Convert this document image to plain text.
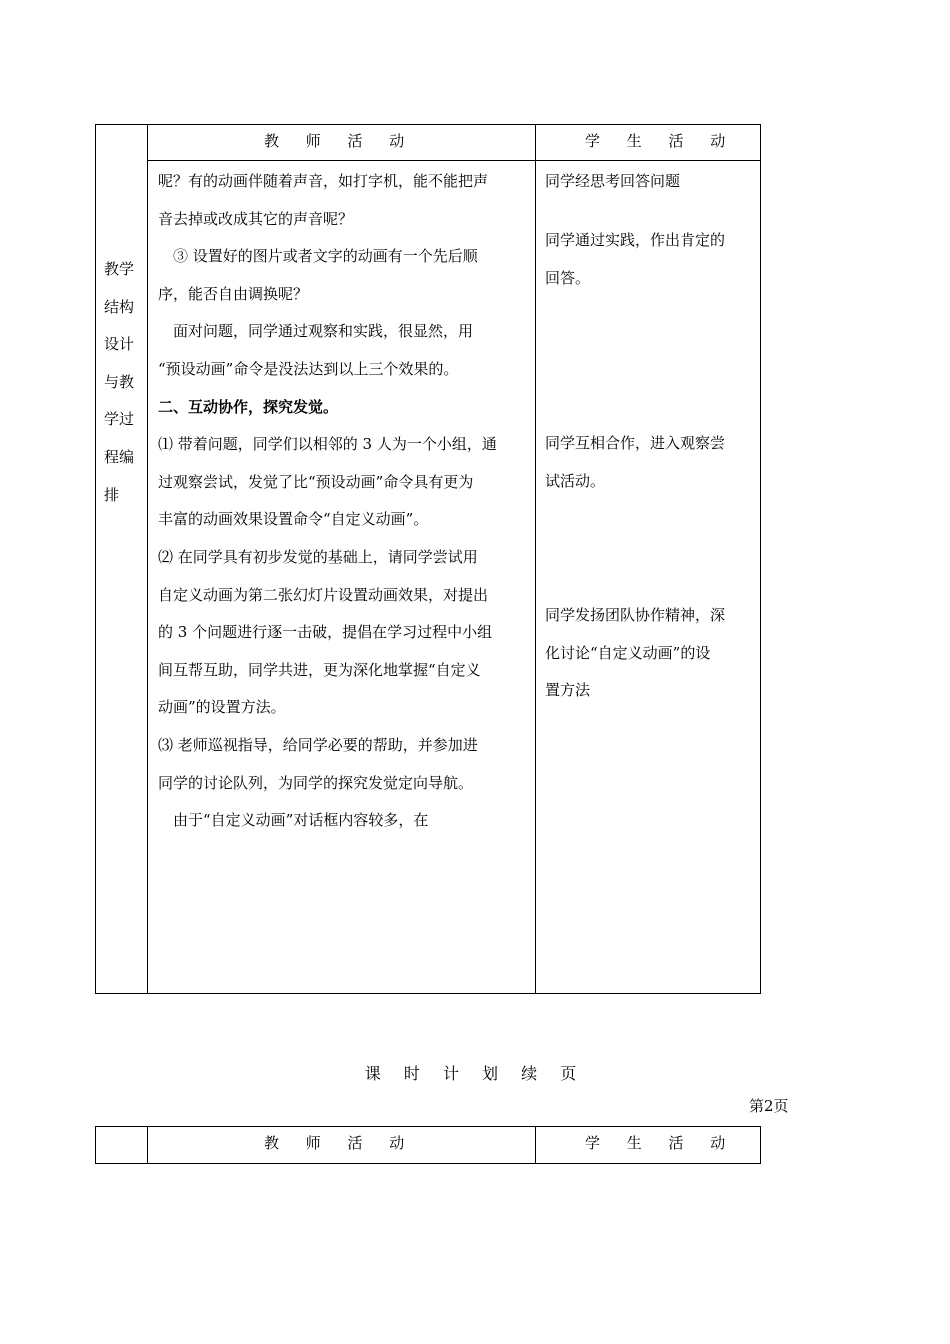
教 师 活 动	学 生 活 动
教学
结构
设计
与教
学过
程编
排
呢？有的动画伴随着声音，如打字机，能不能把声
音去掉或改成其它的声音呢？
　③ 设置好的图片或者文字的动画有一个先后顺
序，能否自由调换呢？
　面对问题，同学通过观察和实践，很显然，用
“预设动画”命令是没法达到以上三个效果的。
二、互动协作，探究发觉。
⑴ 带着问题，同学们以相邻的 3 人为一个小组，通
过观察尝试，发觉了比“预设动画”命令具有更为
丰富的动画效果设置命令“自定义动画”。
⑵ 在同学具有初步发觉的基础上，请同学尝试用
自定义动画为第二张幻灯片设置动画效果，对提出
的 3 个问题进行逐一击破，提倡在学习过程中小组
间互帮互助，同学共进，更为深化地掌握“自定义
动画”的设置方法。
⑶ 老师巡视指导，给同学必要的帮助，并参加进
同学的讨论队列，为同学的探究发觉定向导航。
　由于“自定义动画”对话框内容较多，在
同学经思考回答问题
同学通过实践，作出肯定的
回答。
同学互相合作，进入观察尝
试活动。
同学发扬团队协作精神，深
化讨论“自定义动画”的设
置方法
课 时 计 划 续 页
第2页
教 师 活 动	学 生 活 动
